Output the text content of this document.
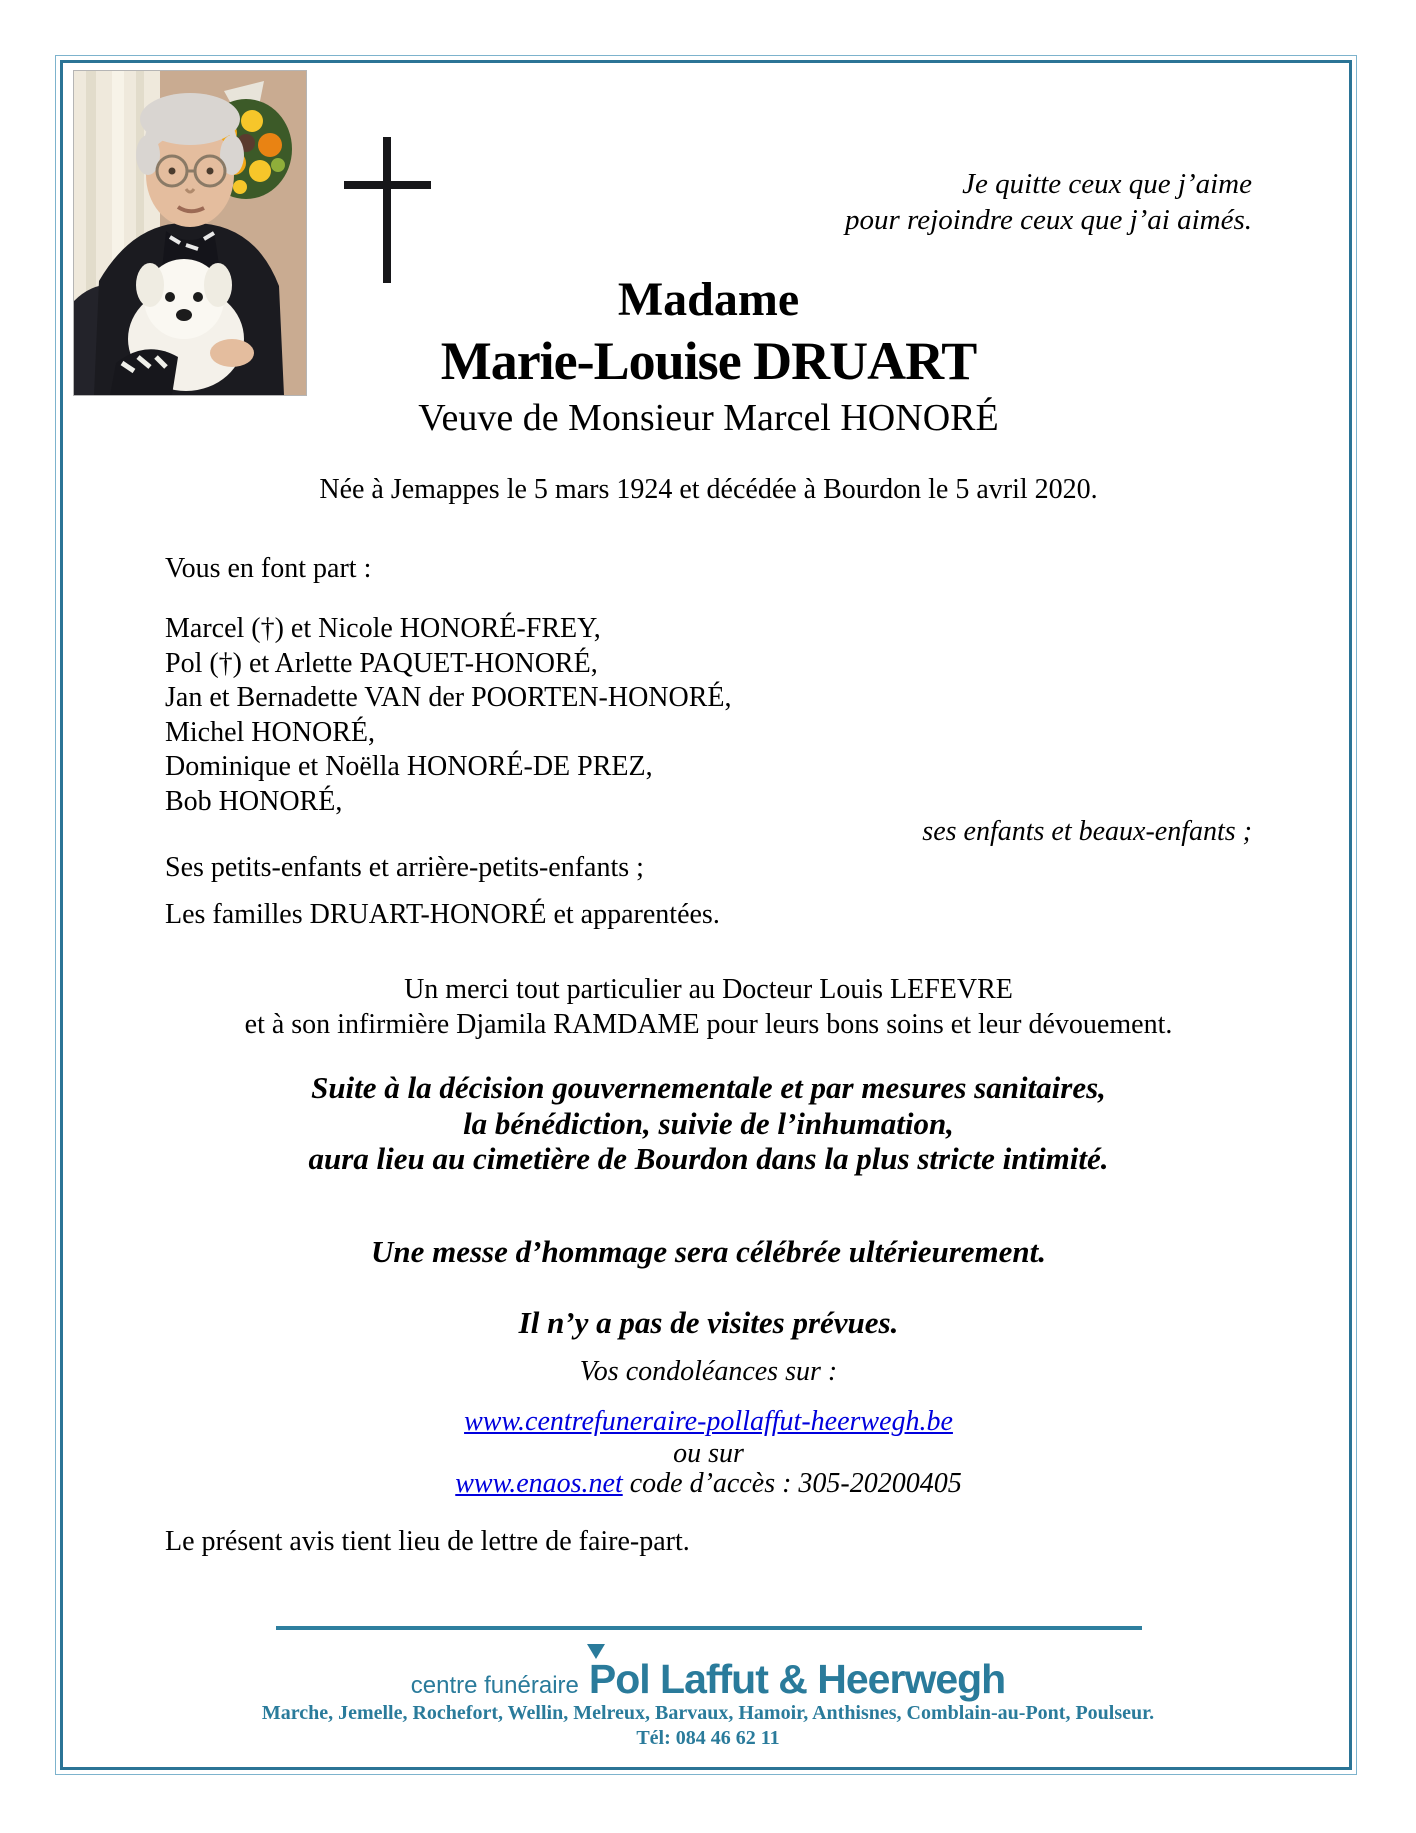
Je quitte ceux que j’aime
pour rejoindre ceux que j’ai aimés.
Madame
Marie-Louise DRUART
Veuve de Monsieur Marcel HONORÉ
Née à Jemappes le 5 mars 1924 et décédée à Bourdon le 5 avril 2020.
Vous en font part :
Marcel (†) et Nicole HONORÉ-FREY,
Pol (†) et Arlette PAQUET-HONORÉ,
Jan et Bernadette VAN der POORTEN-HONORÉ,
Michel HONORÉ,
Dominique et Noëlla HONORÉ-DE PREZ,
Bob HONORÉ,
ses enfants et beaux-enfants ;
Ses petits-enfants et arrière-petits-enfants ;
Les familles DRUART-HONORÉ et apparentées.
Un merci tout particulier au Docteur Louis LEFEVRE
et à son infirmière Djamila RAMDAME pour leurs bons soins et leur dévouement.
Suite à la décision gouvernementale et par mesures sanitaires,
la bénédiction, suivie de l’inhumation,
aura lieu au cimetière de Bourdon dans la plus stricte intimité.
Une messe d’hommage sera célébrée ultérieurement.
Il n’y a pas de visites prévues.
Vos condoléances sur :
www.centrefuneraire-pollaffut-heerwegh.be
ou sur
www.enaos.net code d’accès : 305-20200405
Le présent avis tient lieu de lettre de faire-part.
centre funéraire Pol Laffut & Heerwegh
Marche, Jemelle, Rochefort, Wellin, Melreux, Barvaux, Hamoir, Anthisnes, Comblain-au-Pont, Poulseur.
Tél: 084 46 62 11
